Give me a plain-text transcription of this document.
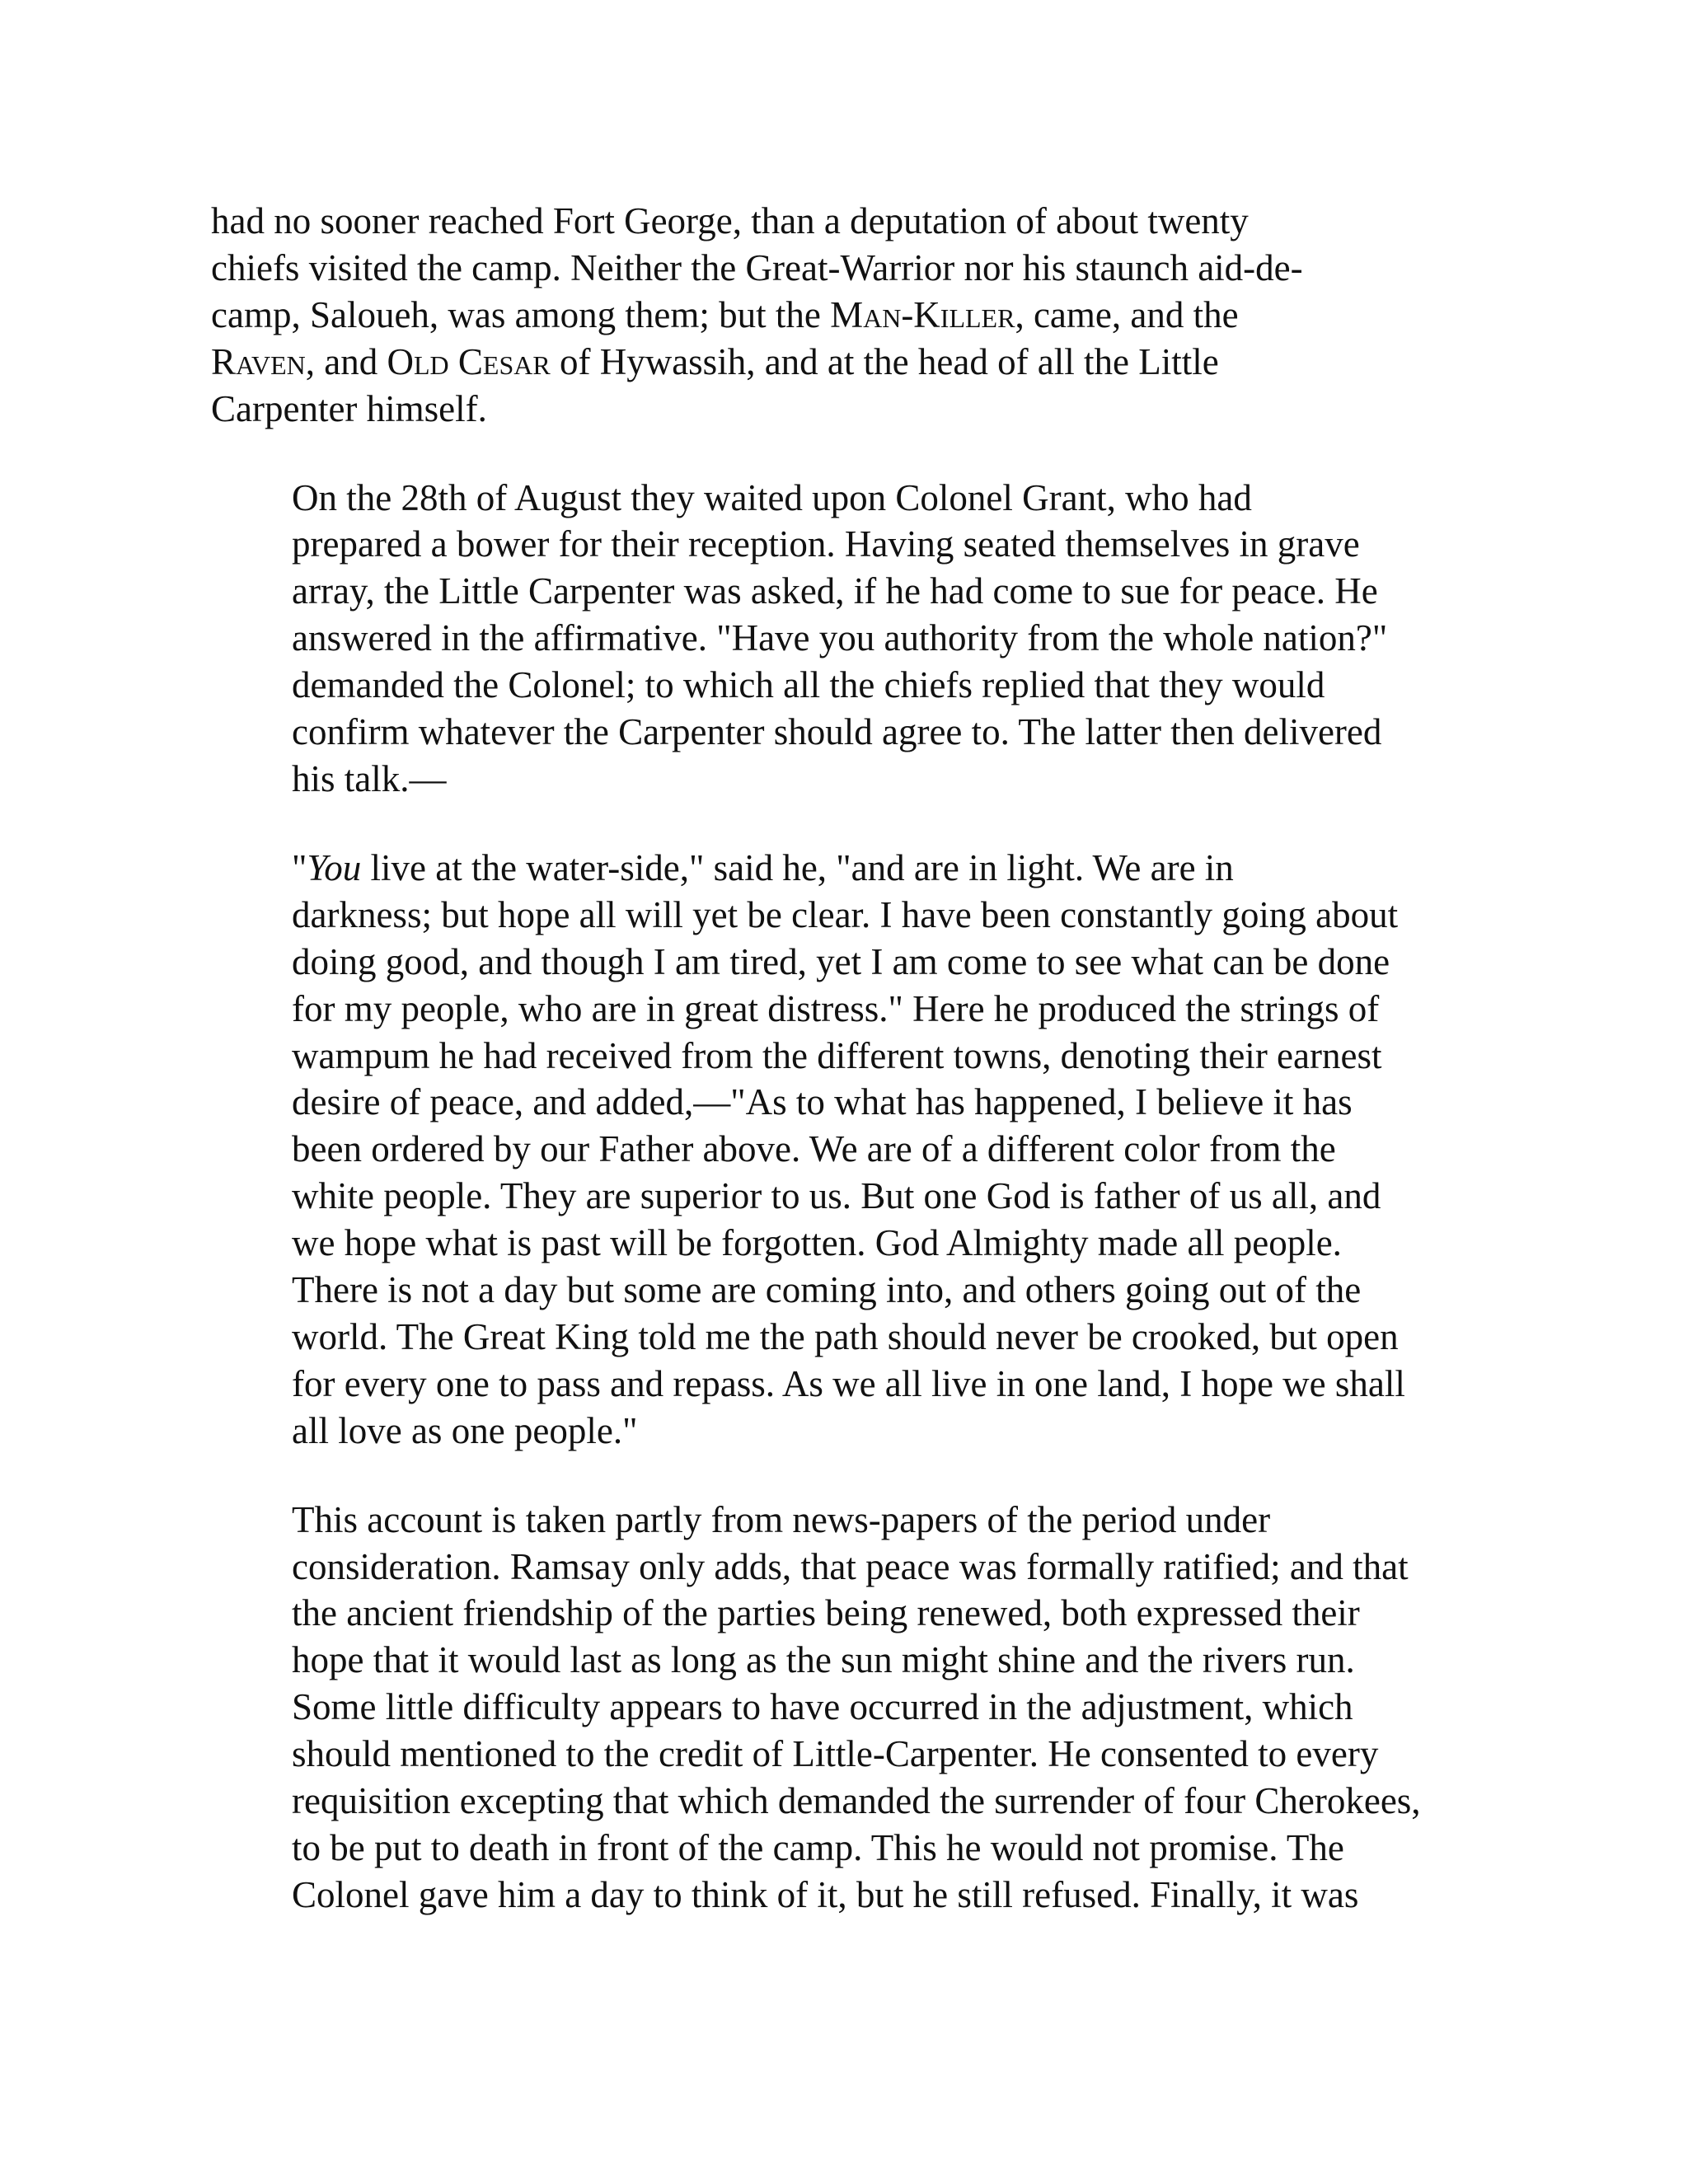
had no sooner reached Fort George, than a deputation of about twenty
chiefs visited the camp. Neither the Great-Warrior nor his staunch aid-de-
camp, Saloueh, was among them; but the Man-Killer, came, and the
Raven, and Old Cesar of Hywassih, and at the head of all the Little
Carpenter himself.

On the 28th of August they waited upon Colonel Grant, who had
prepared a bower for their reception. Having seated themselves in grave
array, the Little Carpenter was asked, if he had come to sue for peace. He
answered in the affirmative. "Have you authority from the whole nation?"
demanded the Colonel; to which all the chiefs replied that they would
confirm whatever the Carpenter should agree to. The latter then delivered
his talk.—

"You live at the water-side," said he, "and are in light. We are in
darkness; but hope all will yet be clear. I have been constantly going about
doing good, and though I am tired, yet I am come to see what can be done
for my people, who are in great distress." Here he produced the strings of
wampum he had received from the different towns, denoting their earnest
desire of peace, and added,—"As to what has happened, I believe it has
been ordered by our Father above. We are of a different color from the
white people. They are superior to us. But one God is father of us all, and
we hope what is past will be forgotten. God Almighty made all people.
There is not a day but some are coming into, and others going out of the
world. The Great King told me the path should never be crooked, but open
for every one to pass and repass. As we all live in one land, I hope we shall
all love as one people."

This account is taken partly from news-papers of the period under
consideration. Ramsay only adds, that peace was formally ratified; and that
the ancient friendship of the parties being renewed, both expressed their
hope that it would last as long as the sun might shine and the rivers run.
Some little difficulty appears to have occurred in the adjustment, which
should mentioned to the credit of Little-Carpenter. He consented to every
requisition excepting that which demanded the surrender of four Cherokees,
to be put to death in front of the camp. This he would not promise. The
Colonel gave him a day to think of it, but he still refused. Finally, it was
